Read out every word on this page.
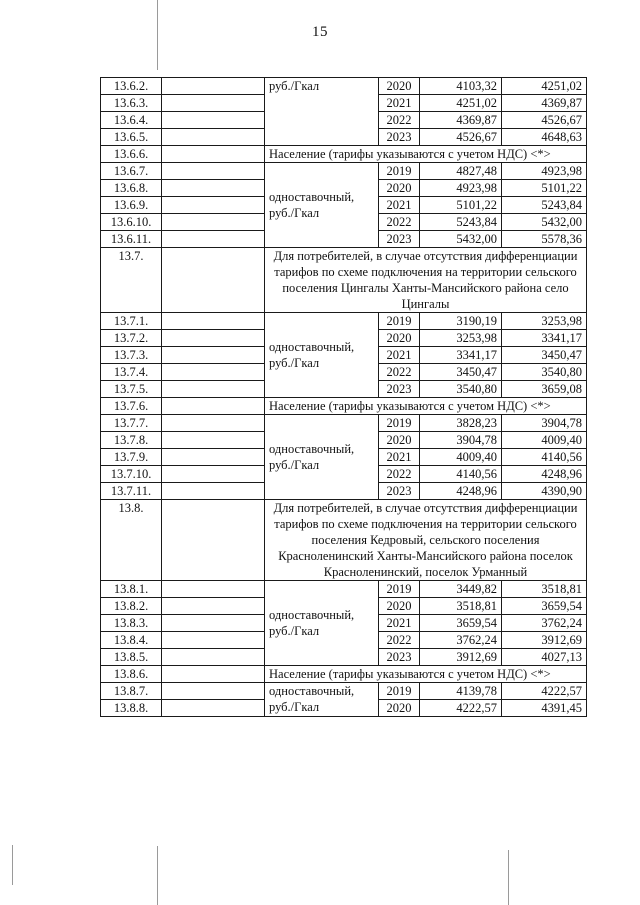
15
13.6.2.		руб./Гкал	2020	4103,32	4251,02
13.6.3.			2021	4251,02	4369,87
13.6.4.			2022	4369,87	4526,67
13.6.5.			2023	4526,67	4648,63
13.6.6.		Население (тарифы указываются с учетом НДС) <*>			
13.6.7.		одноставочный, руб./Гкал	2019	4827,48	4923,98
13.6.8.			2020	4923,98	5101,22
13.6.9.			2021	5101,22	5243,84
13.6.10.			2022	5243,84	5432,00
13.6.11.			2023	5432,00	5578,36
13.7.		Для потребителей, в случае отсутствия дифференциации тарифов по схеме подключения на территории сельского поселения Цингалы Ханты-Мансийского района село Цингалы			
13.7.1.		одноставочный, руб./Гкал	2019	3190,19	3253,98
13.7.2.			2020	3253,98	3341,17
13.7.3.			2021	3341,17	3450,47
13.7.4.			2022	3450,47	3540,80
13.7.5.			2023	3540,80	3659,08
13.7.6.		Население (тарифы указываются с учетом НДС) <*>			
13.7.7.		одноставочный, руб./Гкал	2019	3828,23	3904,78
13.7.8.			2020	3904,78	4009,40
13.7.9.			2021	4009,40	4140,56
13.7.10.			2022	4140,56	4248,96
13.7.11.			2023	4248,96	4390,90
13.8.		Для потребителей, в случае отсутствия дифференциации тарифов по схеме подключения на территории сельского поселения Кедровый, сельского поселения Красноленинский Ханты-Мансийского района поселок Красноленинский, поселок Урманный			
13.8.1.		одноставочный, руб./Гкал	2019	3449,82	3518,81
13.8.2.			2020	3518,81	3659,54
13.8.3.			2021	3659,54	3762,24
13.8.4.			2022	3762,24	3912,69
13.8.5.			2023	3912,69	4027,13
13.8.6.		Население (тарифы указываются с учетом НДС) <*>			
13.8.7.		одноставочный, руб./Гкал	2019	4139,78	4222,57
13.8.8.			2020	4222,57	4391,45
